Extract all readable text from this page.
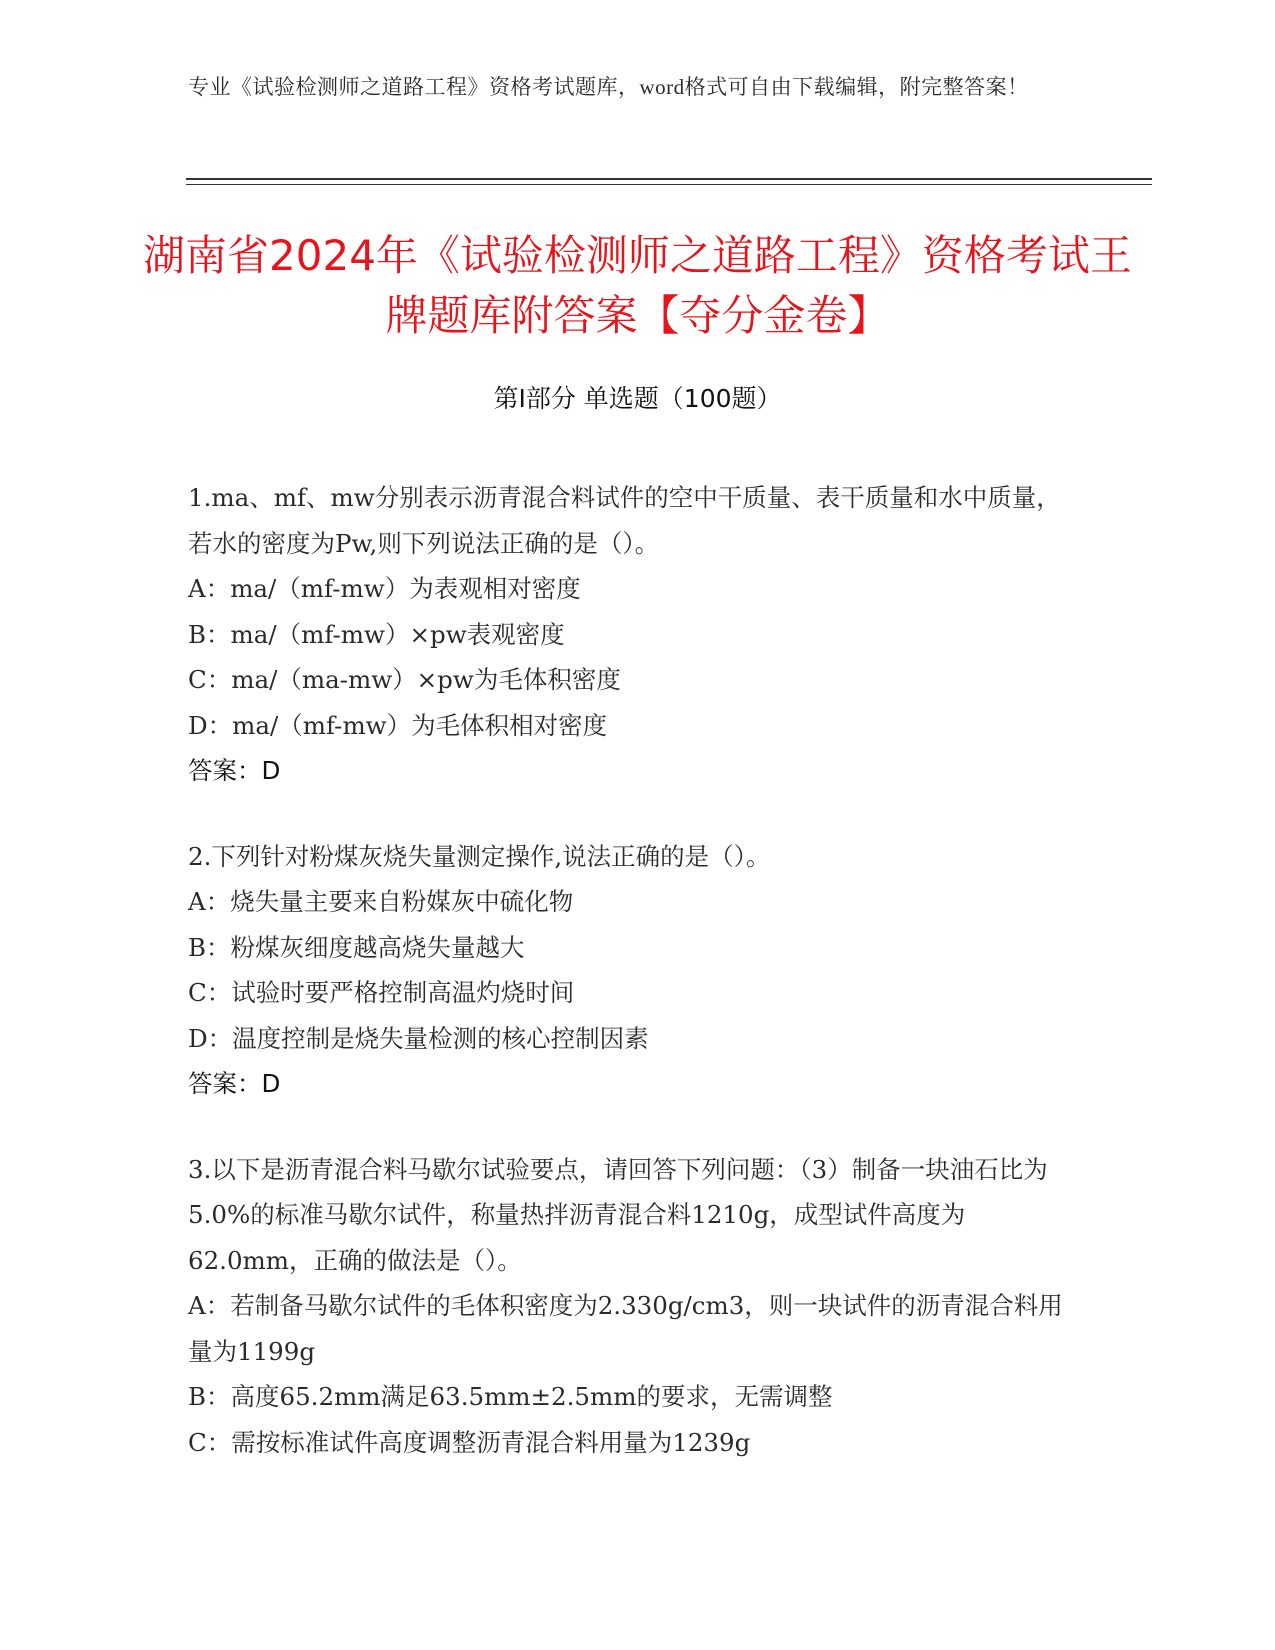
专业《试验检测师之道路工程》资格考试题库，word格式可自由下载编辑，附完整答案！
湖南省2024年《试验检测师之道路工程》资格考试王牌题库附答案【夺分金卷】
第Ⅰ部分 单选题（100题）

1.ma、mf、mw分别表示沥青混合料试件的空中干质量、表干质量和水中质量，若水的密度为Pw,则下列说法正确的是（）。

A：ma/（mf-mw）为表观相对密度

B：ma/（mf-mw）×pw表观密度

C：ma/（ma-mw）×pw为毛体积密度

D：ma/（mf-mw）为毛体积相对密度

答案：D

2.下列针对粉煤灰烧失量测定操作,说法正确的是（）。

A：烧失量主要来自粉媒灰中硫化物

B：粉煤灰细度越高烧失量越大

C：试验时要严格控制高温灼烧时间

D：温度控制是烧失量检测的核心控制因素

答案：D

3.以下是沥青混合料马歇尔试验要点，请回答下列问题：（3）制备一块油石比为5.0%的标准马歇尔试件，称量热拌沥青混合料1210g，成型试件高度为62.0mm，正确的做法是（）。

A：若制备马歇尔试件的毛体积密度为2.330g/cm3，则一块试件的沥青混合料用量为1199g

B：高度65.2mm满足63.5mm±2.5mm的要求，无需调整

C：需按标准试件高度调整沥青混合料用量为1239g
